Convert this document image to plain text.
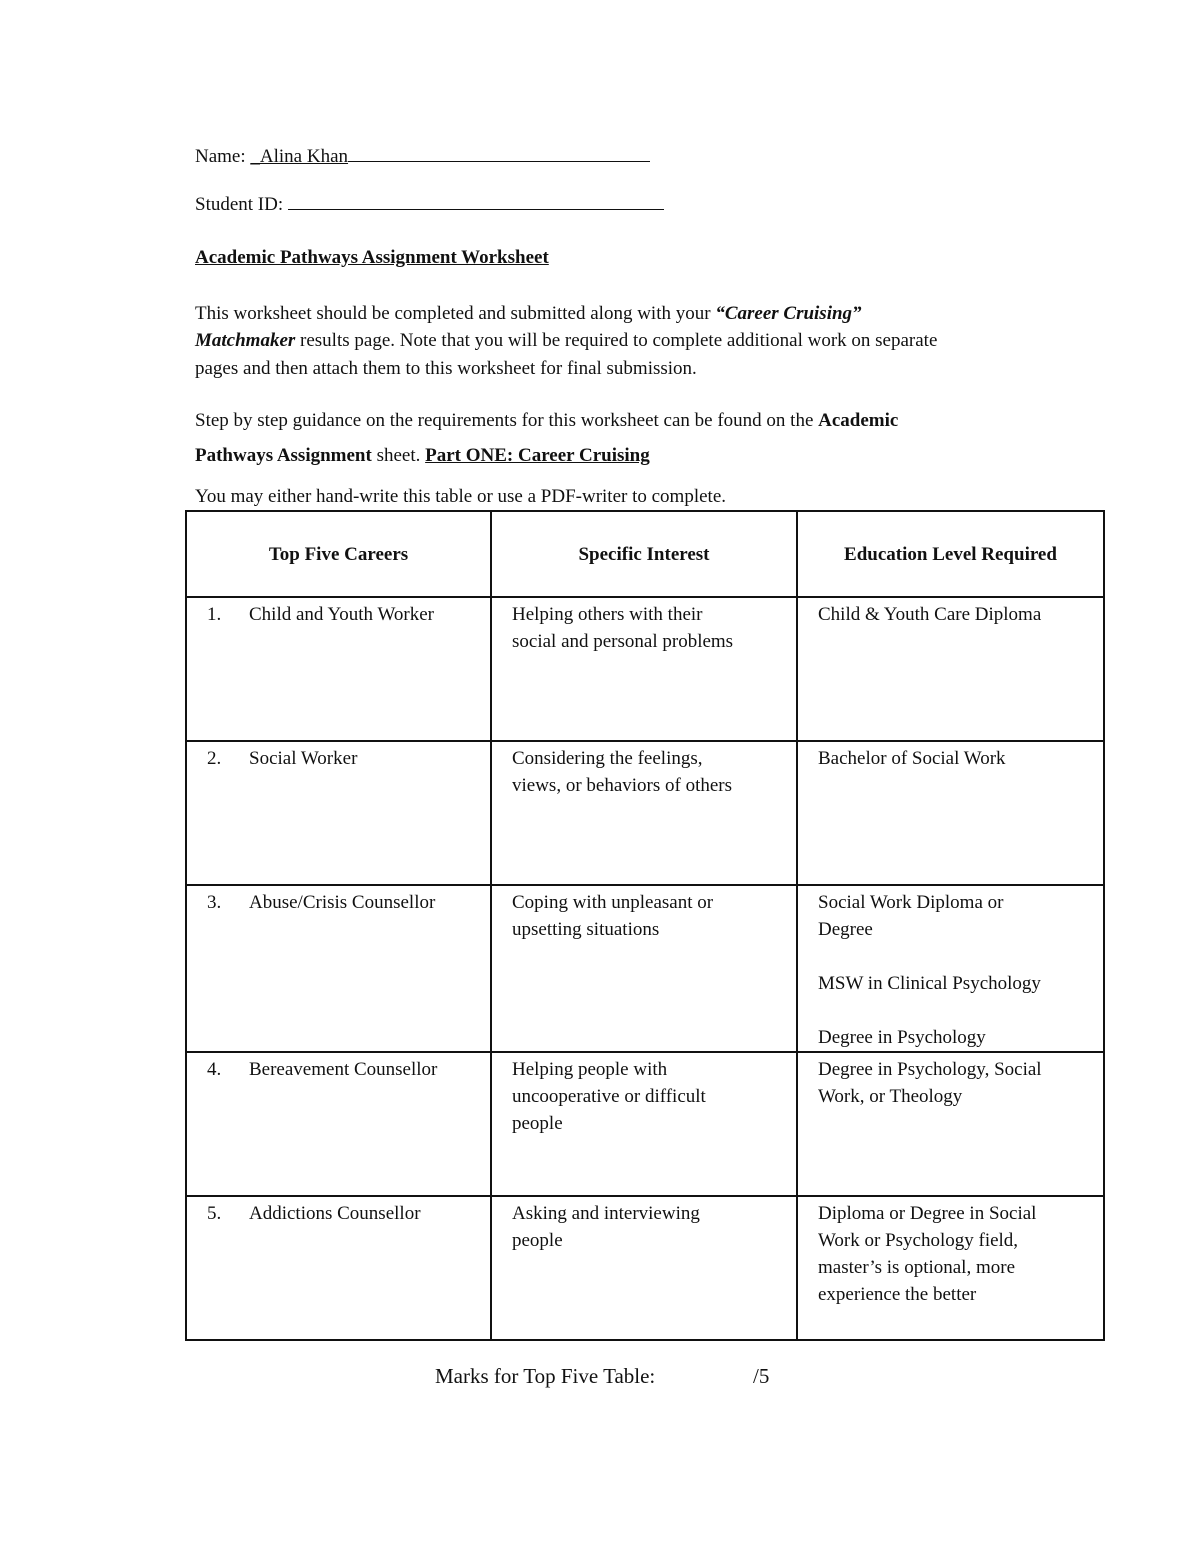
Name: _Alina Khan
Student ID:
Academic Pathways Assignment Worksheet
This worksheet should be completed and submitted along with your “Career Cruising”
Matchmaker results page. Note that you will be required to complete additional work on separate
pages and then attach them to this worksheet for final submission.
Step by step guidance on the requirements for this worksheet can be found on the Academic
Pathways Assignment sheet. Part ONE: Career Cruising
You may either hand-write this table or use a PDF-writer to complete.
Top Five Careers	Specific Interest	Education Level Required

1. Child and Youth Worker	Helping others with their
social and personal problems	Child & Youth Care Diploma

2. Social Worker	Considering the feelings,
views, or behaviors of others	Bachelor of Social Work

3. Abuse/Crisis Counsellor	Coping with unpleasant or
upsetting situations	Social Work Diploma or
Degree

MSW in Clinical Psychology

Degree in Psychology

4. Bereavement Counsellor	Helping people with
uncooperative or difficult
people	Degree in Psychology, Social
Work, or Theology

5. Addictions Counsellor	Asking and interviewing
people	Diploma or Degree in Social
Work or Psychology field,
master’s is optional, more
experience the better
Marks for Top Five Table:	/5
